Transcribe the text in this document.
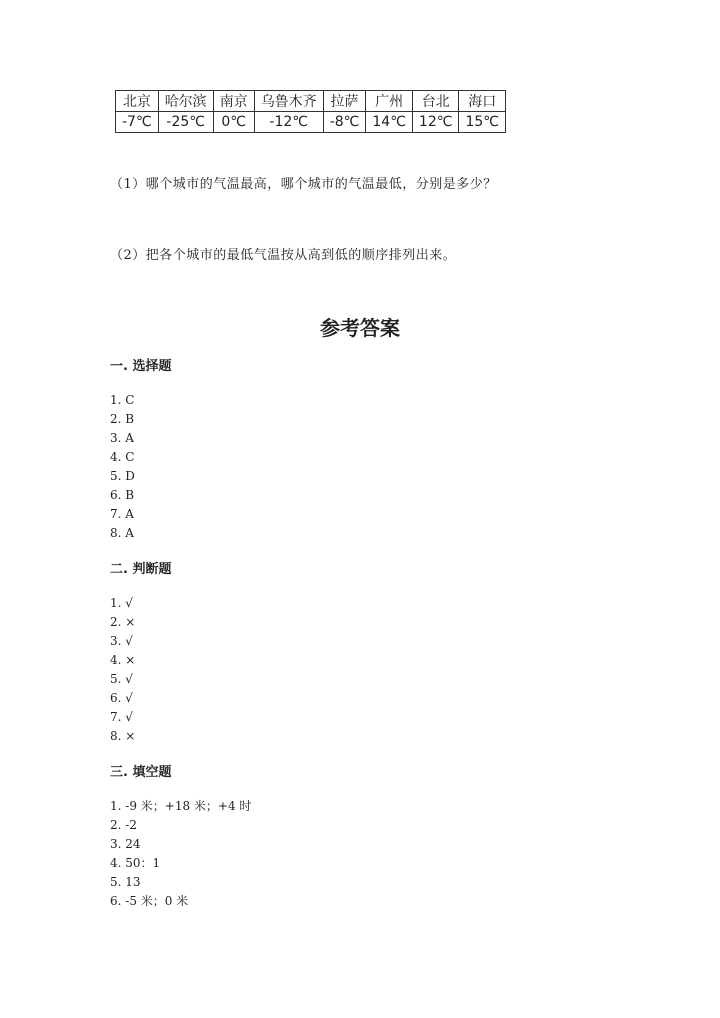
北京	哈尔滨	南京	乌鲁木齐	拉萨	广州	台北	海口
-7℃	-25℃	0℃	-12℃	-8℃	14℃	12℃	15℃
（1）哪个城市的气温最高，哪个城市的气温最低，分别是多少？
（2）把各个城市的最低气温按从高到低的顺序排列出来。
参考答案
一. 选择题
1. C
2. B
3. A
4. C
5. D
6. B
7. A
8. A
二. 判断题
1. √
2. ×
3. √
4. ×
5. √
6. √
7. √
8. ×
三. 填空题
1. -9 米；+18 米；+4 时
2. -2
3. 24
4. 50：1
5. 13
6. -5 米；0 米
